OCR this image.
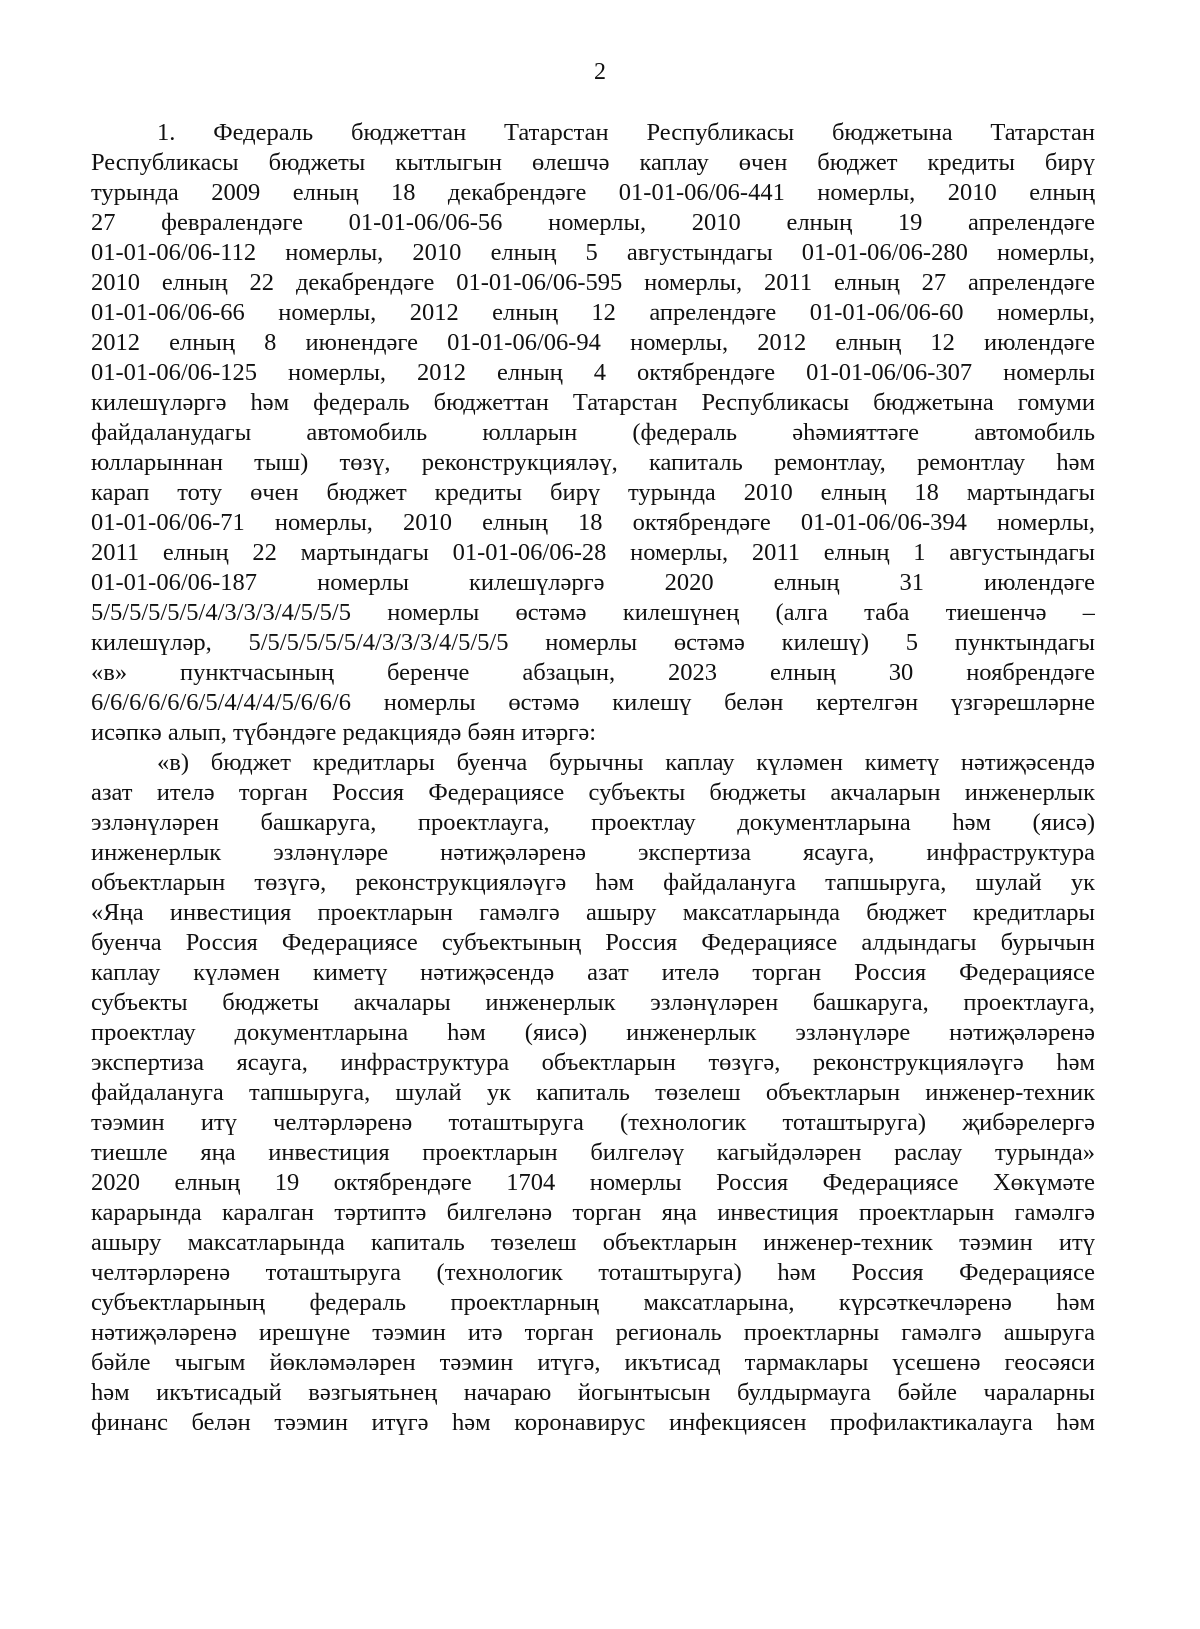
2
1. Федераль бюджеттан Татарстан Республикасы бюджетына Татарстан
Республикасы бюджеты кытлыгын өлешчә каплау өчен бюджет кредиты бирү
турында 2009 елның 18 декабрендәге 01-01-06/06-441 номерлы, 2010 елның
27 февралендәге 01-01-06/06-56 номерлы, 2010 елның 19 апрелендәге
01-01-06/06-112 номерлы, 2010 елның 5 августындагы 01-01-06/06-280 номерлы,
2010 елның 22 декабрендәге 01-01-06/06-595 номерлы, 2011 елның 27 апрелендәге
01-01-06/06-66 номерлы, 2012 елның 12 апрелендәге 01-01-06/06-60 номерлы,
2012 елның 8 июнендәге 01-01-06/06-94 номерлы, 2012 елның 12 июлендәге
01-01-06/06-125 номерлы, 2012 елның 4 октябрендәге 01-01-06/06-307 номерлы
килешүләргә һәм федераль бюджеттан Татарстан Республикасы бюджетына гомуми
файдаланудагы автомобиль юлларын (федераль әһәмияттәге автомобиль
юлларыннан тыш) төзү, реконструкцияләү, капиталь ремонтлау, ремонтлау һәм
карап тоту өчен бюджет кредиты бирү турында 2010 елның 18 мартындагы
01-01-06/06-71 номерлы, 2010 елның 18 октябрендәге 01-01-06/06-394 номерлы,
2011 елның 22 мартындагы 01-01-06/06-28 номерлы, 2011 елның 1 августындагы
01-01-06/06-187 номерлы килешүләргә 2020 елның 31 июлендәге
5/5/5/5/5/5/4/3/3/3/4/5/5/5 номерлы өстәмә килешүнең (алга таба тиешенчә –
килешүләр, 5/5/5/5/5/5/4/3/3/3/4/5/5/5 номерлы өстәмә килешү) 5 пунктындагы
«в» пунктчасының беренче абзацын, 2023 елның 30 ноябрендәге
6/6/6/6/6/6/5/4/4/4/5/6/6/6 номерлы өстәмә килешү белән кертелгән үзгәрешләрне
исәпкә алып, түбәндәге редакциядә бәян итәргә:
«в) бюджет кредитлары буенча бурычны каплау күләмен киметү нәтиҗәсендә
азат ителә торган Россия Федерациясе субъекты бюджеты акчаларын инженерлык
эзләнүләрен башкаруга, проектлауга, проектлау документларына һәм (яисә)
инженерлык эзләнүләре нәтиҗәләренә экспертиза ясауга, инфраструктура
объектларын төзүгә, реконструкцияләүгә һәм файдалануга тапшыруга, шулай ук
«Яңа инвестиция проектларын гамәлгә ашыру максатларында бюджет кредитлары
буенча Россия Федерациясе субъектының Россия Федерациясе алдындагы бурычын
каплау күләмен киметү нәтиҗәсендә азат ителә торган Россия Федерациясе
субъекты бюджеты акчалары инженерлык эзләнүләрен башкаруга, проектлауга,
проектлау документларына һәм (яисә) инженерлык эзләнүләре нәтиҗәләренә
экспертиза ясауга, инфраструктура объектларын төзүгә, реконструкцияләүгә һәм
файдалануга тапшыруга, шулай ук капиталь төзелеш объектларын инженер-техник
тәэмин итү челтәрләренә тоташтыруга (технологик тоташтыруга) җибәрелергә
тиешле яңа инвестиция проектларын билгеләү кагыйдәләрен раслау турында»
2020 елның 19 октябрендәге 1704 номерлы Россия Федерациясе Хөкүмәте
карарында каралган тәртиптә билгеләнә торган яңа инвестиция проектларын гамәлгә
ашыру максатларында капиталь төзелеш объектларын инженер-техник тәэмин итү
челтәрләренә тоташтыруга (технологик тоташтыруга) һәм Россия Федерациясе
субъектларының федераль проектларның максатларына, күрсәткечләренә һәм
нәтиҗәләренә ирешүне тәэмин итә торган региональ проектларны гамәлгә ашыруга
бәйле чыгым йөкләмәләрен тәэмин итүгә, икътисад тармаклары үсешенә геосәяси
һәм икътисадый вәзгыятьнең начараю йогынтысын булдырмауга бәйле чараларны
финанс белән тәэмин итүгә һәм коронавирус инфекциясен профилактикалауга һәм
